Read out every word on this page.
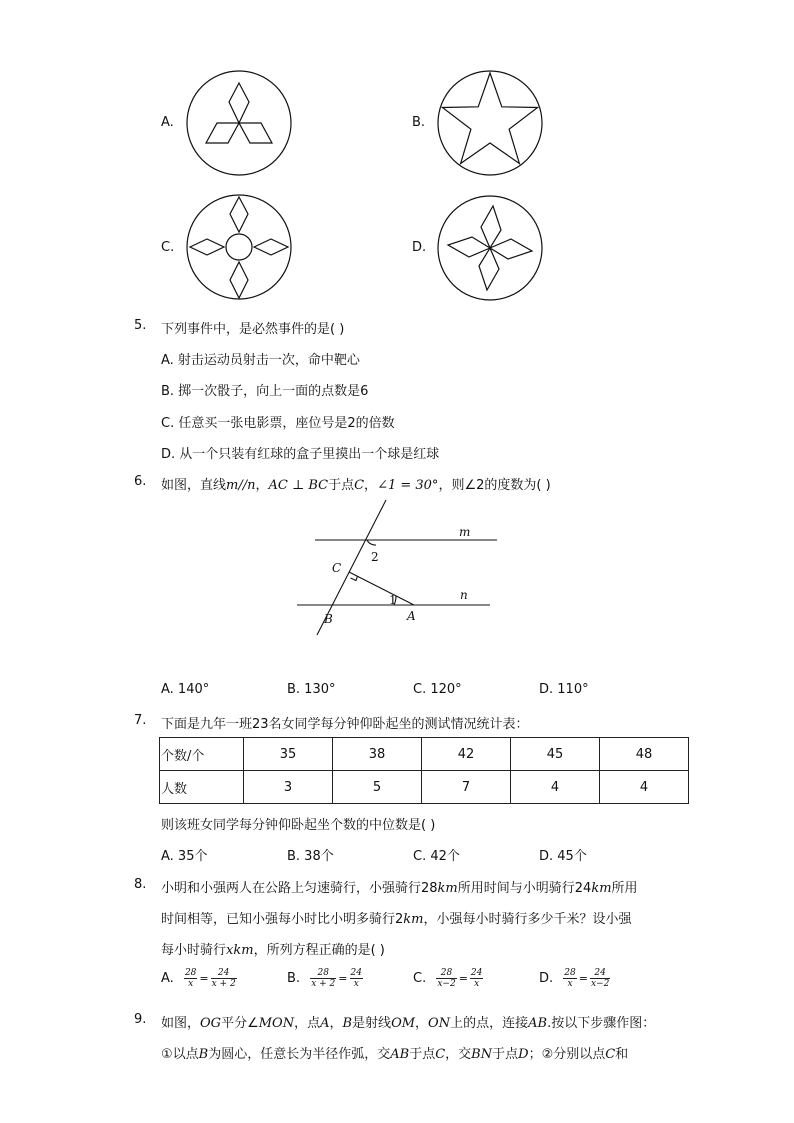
A.	B.
C.	D.
5. 下列事件中，是必然事件的是( )
A. 射击运动员射击一次，命中靶心
B. 掷一次骰子，向上一面的点数是6
C. 任意买一张电影票，座位号是2的倍数
D. 从一个只装有红球的盒子里摸出一个球是红球
6. 如图，直线m//n，AC ⊥ BC于点C，∠1 = 30°，则∠2的度数为( )
m
n
C
B	A
1
2
A. 140°	B. 130°	C. 120°	D. 110°
7. 下面是九年一班23名女同学每分钟仰卧起坐的测试情况统计表：
个数/个	35	38	42	45	48
人数	3	5	7	4	4
则该班女同学每分钟仰卧起坐个数的中位数是( )
A. 35个	B. 38个	C. 42个	D. 45个
8. 小明和小强两人在公路上匀速骑行，小强骑行28km所用时间与小明骑行24km所用
时间相等，已知小强每小时比小明多骑行2km，小强每小时骑行多少千米？设小强
每小时骑行xkm，所列方程正确的是( )
A. $\frac{28}{x} = \frac{24}{x + 2}$	B. $\frac{28}{x + 2} = \frac{24}{x}$	C. $\frac{28}{x-2} = \frac{24}{x}$	D. $\frac{28}{x} = \frac{24}{x-2}$
9. 如图，OG平分∠MON，点A，B是射线OM，ON上的点，连接AB.按以下步骤作图：
①以点B为圆心，任意长为半径作弧，交AB于点C，交BN于点D；②分别以点C和
